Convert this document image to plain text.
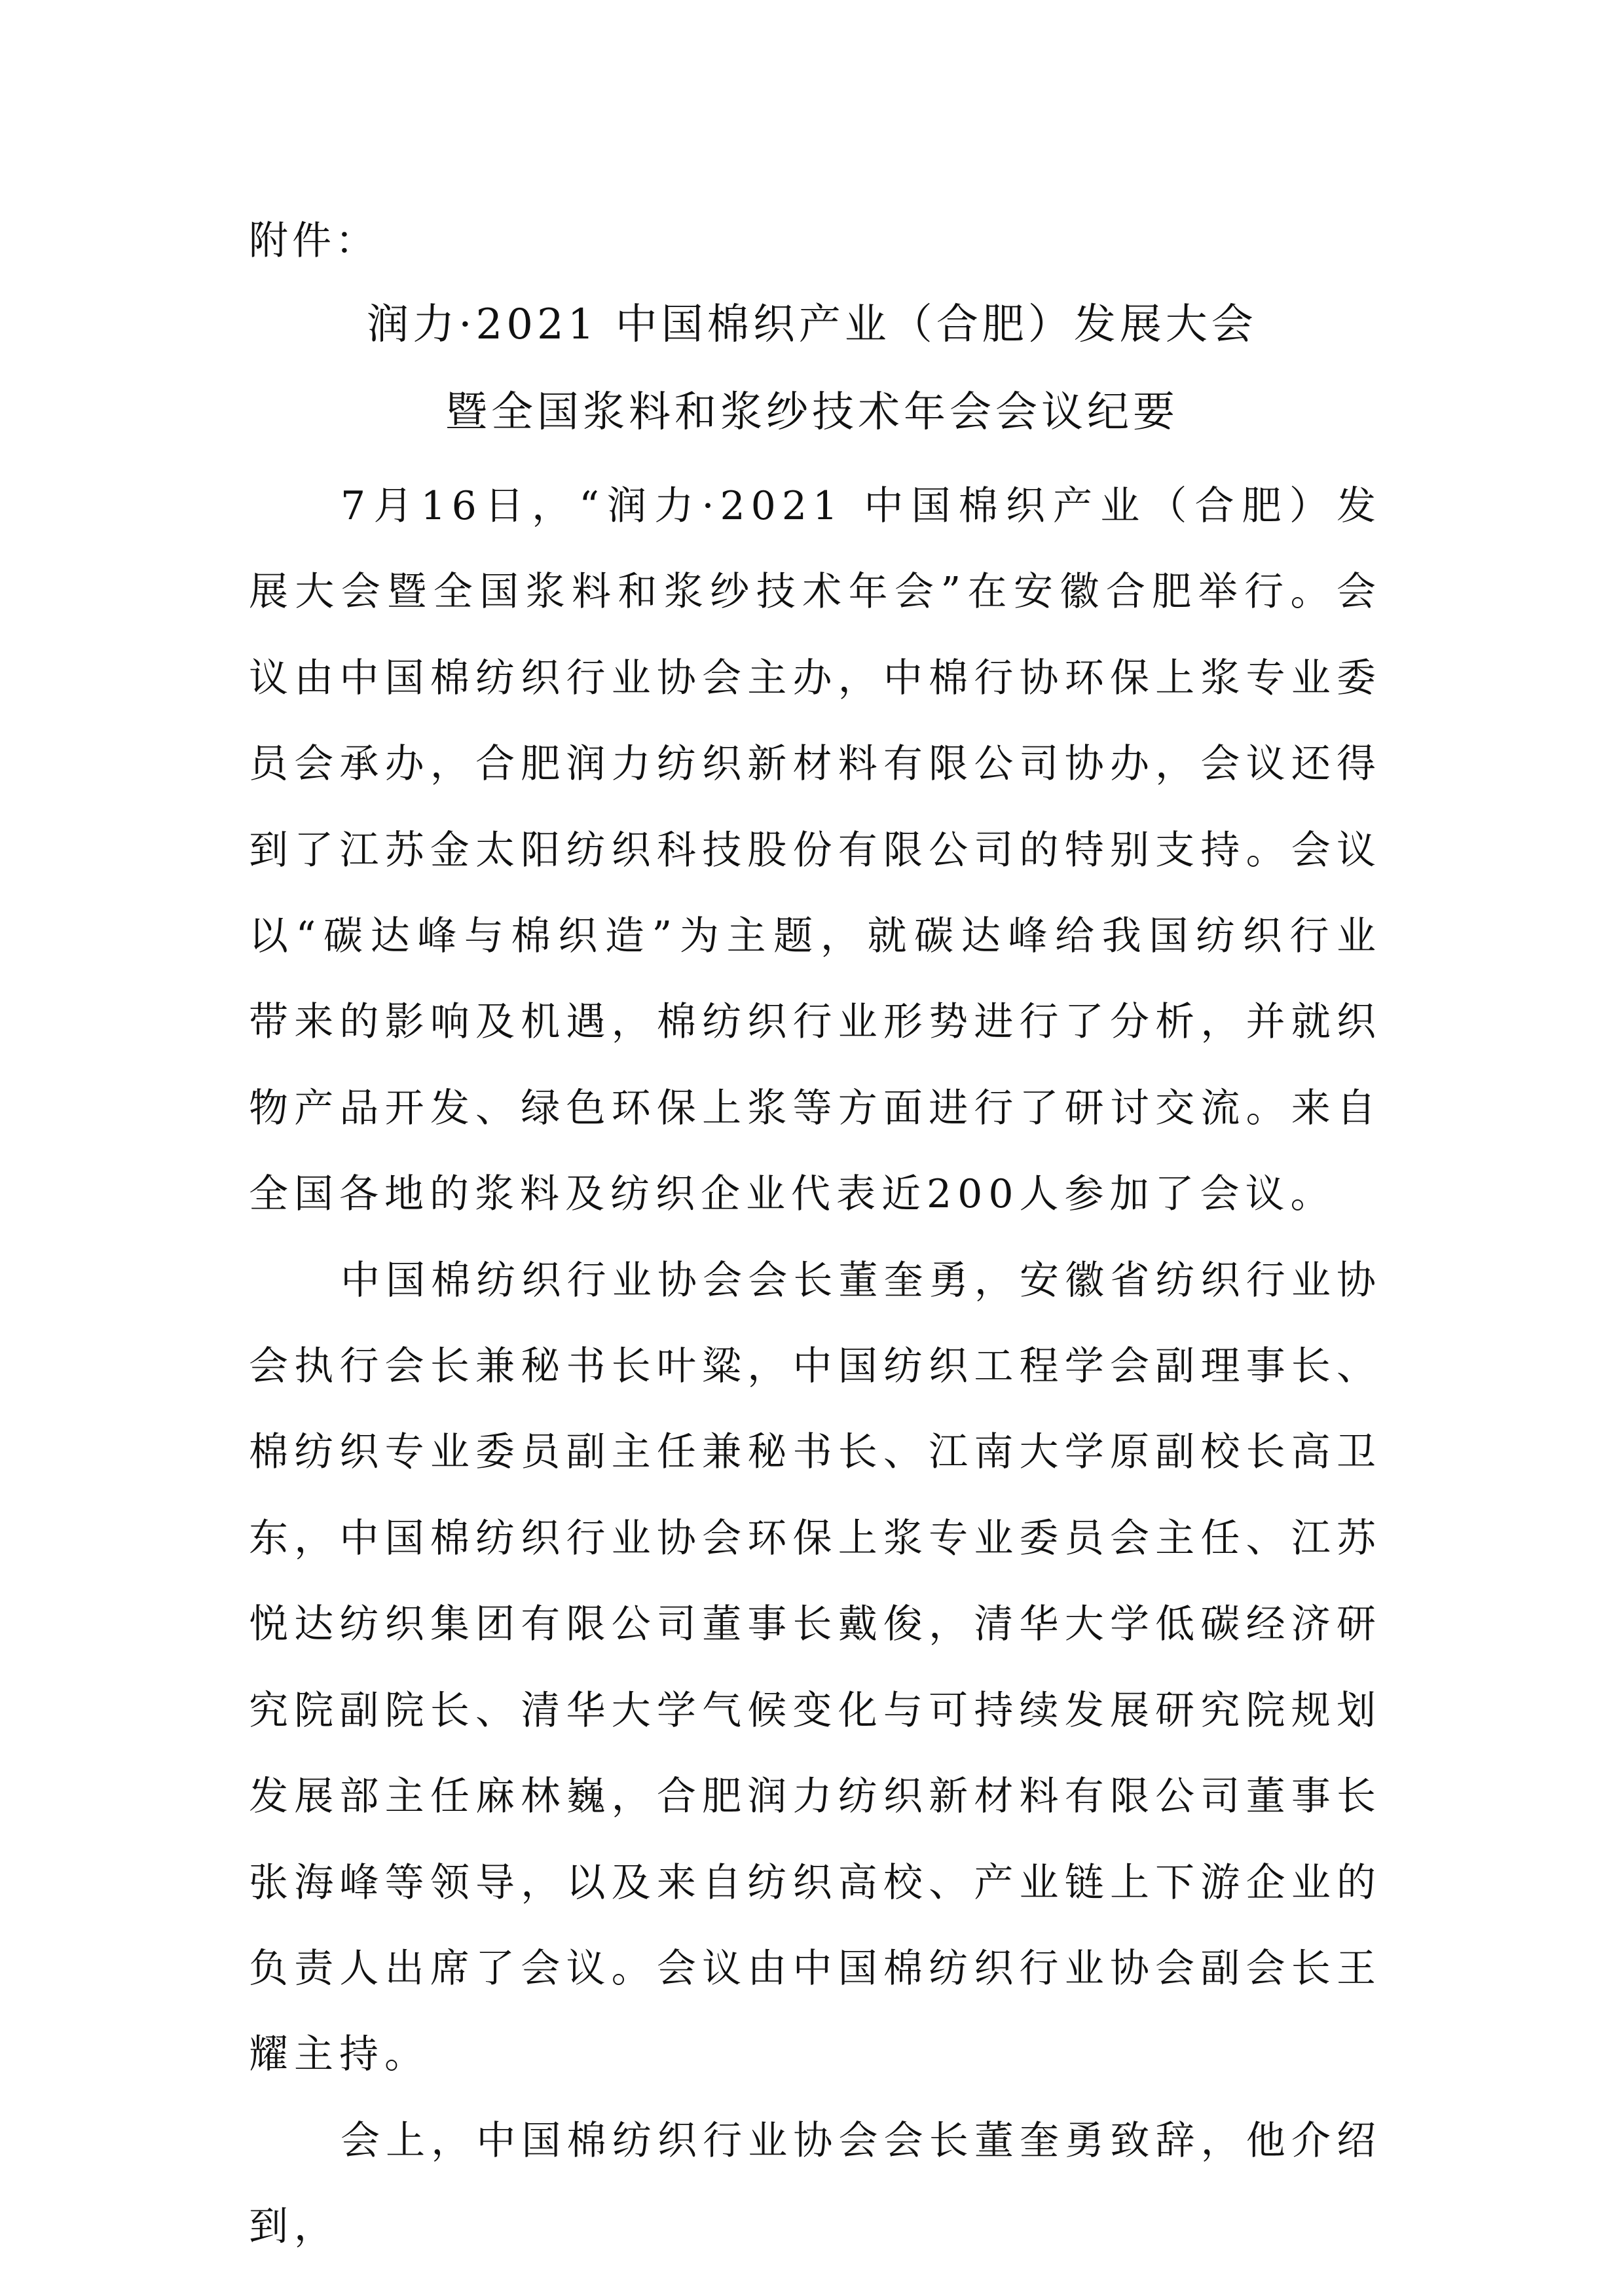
附件：
润力·2021 中国棉织产业（合肥）发展大会
暨全国浆料和浆纱技术年会会议纪要

7月16日，“润力·2021 中国棉织产业（合肥）发展大会暨全国浆料和浆纱技术年会”在安徽合肥举行。会议由中国棉纺织行业协会主办，中棉行协环保上浆专业委员会承办，合肥润力纺织新材料有限公司协办，会议还得到了江苏金太阳纺织科技股份有限公司的特别支持。会议以“碳达峰与棉织造”为主题，就碳达峰给我国纺织行业带来的影响及机遇，棉纺织行业形势进行了分析，并就织物产品开发、绿色环保上浆等方面进行了研讨交流。来自全国各地的浆料及纺织企业代表近200人参加了会议。

中国棉纺织行业协会会长董奎勇，安徽省纺织行业协会执行会长兼秘书长叶粱，中国纺织工程学会副理事长、棉纺织专业委员副主任兼秘书长、江南大学原副校长高卫东，中国棉纺织行业协会环保上浆专业委员会主任、江苏悦达纺织集团有限公司董事长戴俊，清华大学低碳经济研究院副院长、清华大学气候变化与可持续发展研究院规划发展部主任麻林巍，合肥润力纺织新材料有限公司董事长张海峰等领导，以及来自纺织高校、产业链上下游企业的负责人出席了会议。会议由中国棉纺织行业协会副会长王耀主持。

会上，中国棉纺织行业协会会长董奎勇致辞，他介绍到，
